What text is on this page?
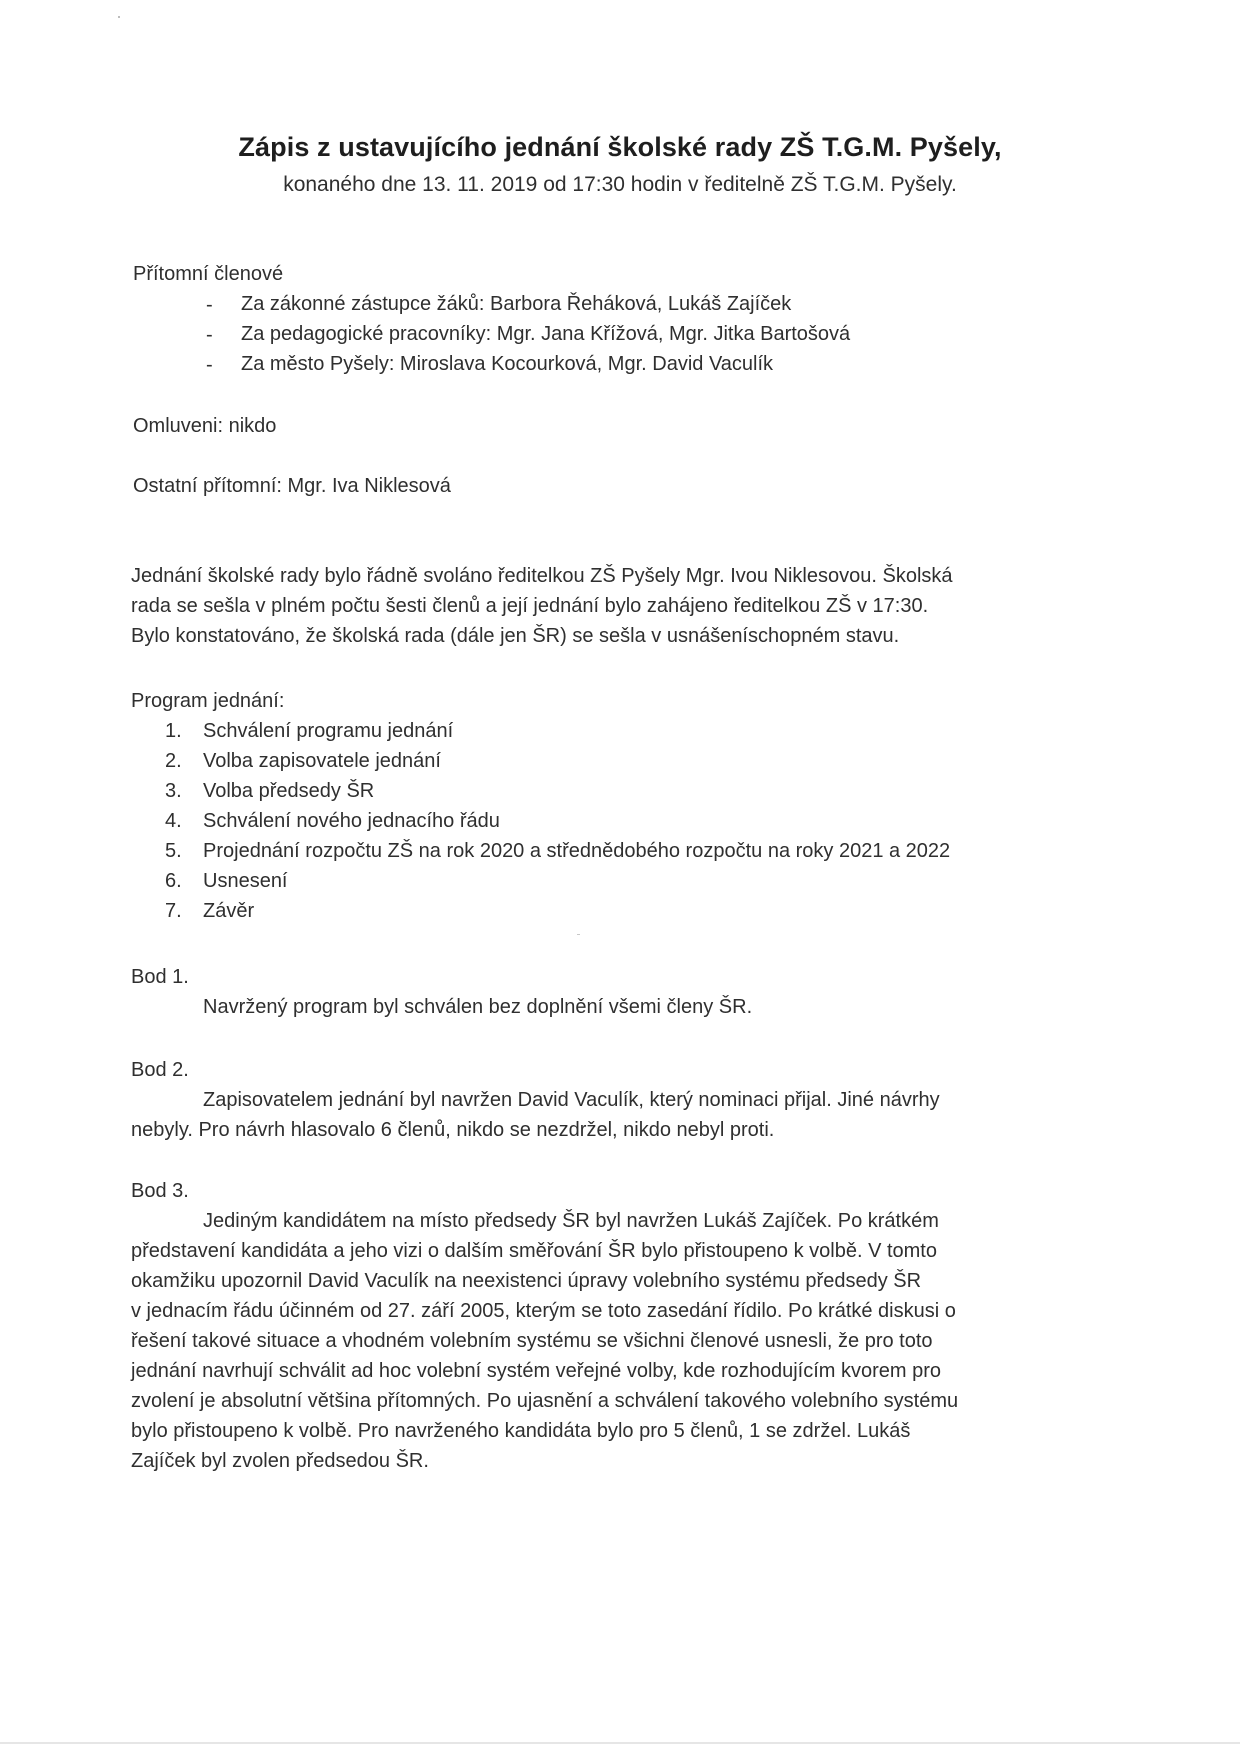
Zápis z ustavujícího jednání školské rady ZŠ T.G.M. Pyšely,
konaného dne 13. 11. 2019 od 17:30 hodin v ředitelně ZŠ T.G.M. Pyšely.
Přítomní členové
- Za zákonné zástupce žáků: Barbora Řeháková, Lukáš Zajíček
- Za pedagogické pracovníky: Mgr. Jana Křížová, Mgr. Jitka Bartošová
- Za město Pyšely: Miroslava Kocourková, Mgr. David Vaculík
Omluveni: nikdo
Ostatní přítomní: Mgr. Iva Niklesová
Jednání školské rady bylo řádně svoláno ředitelkou ZŠ Pyšely Mgr. Ivou Niklesovou. Školská
rada se sešla v plném počtu šesti členů a její jednání bylo zahájeno ředitelkou ZŠ v 17:30.
Bylo konstatováno, že školská rada (dále jen ŠR) se sešla v usnášeníschopném stavu.
Program jednání:
1. Schválení programu jednání
2. Volba zapisovatele jednání
3. Volba předsedy ŠR
4. Schválení nového jednacího řádu
5. Projednání rozpočtu ZŠ na rok 2020 a střednědobého rozpočtu na roky 2021 a 2022
6. Usnesení
7. Závěr
Bod 1.
Navržený program byl schválen bez doplnění všemi členy ŠR.
Bod 2.
Zapisovatelem jednání byl navržen David Vaculík, který nominaci přijal. Jiné návrhy
nebyly. Pro návrh hlasovalo 6 členů, nikdo se nezdržel, nikdo nebyl proti.
Bod 3.
Jediným kandidátem na místo předsedy ŠR byl navržen Lukáš Zajíček. Po krátkém
představení kandidáta a jeho vizi o dalším směřování ŠR bylo přistoupeno k volbě. V tomto
okamžiku upozornil David Vaculík na neexistenci úpravy volebního systému předsedy ŠR
v jednacím řádu účinném od 27. září 2005, kterým se toto zasedání řídilo. Po krátké diskusi o
řešení takové situace a vhodném volebním systému se všichni členové usnesli, že pro toto
jednání navrhují schválit ad hoc volební systém veřejné volby, kde rozhodujícím kvorem pro
zvolení je absolutní většina přítomných. Po ujasnění a schválení takového volebního systému
bylo přistoupeno k volbě. Pro navrženého kandidáta bylo pro 5 členů, 1 se zdržel. Lukáš
Zajíček byl zvolen předsedou ŠR.
